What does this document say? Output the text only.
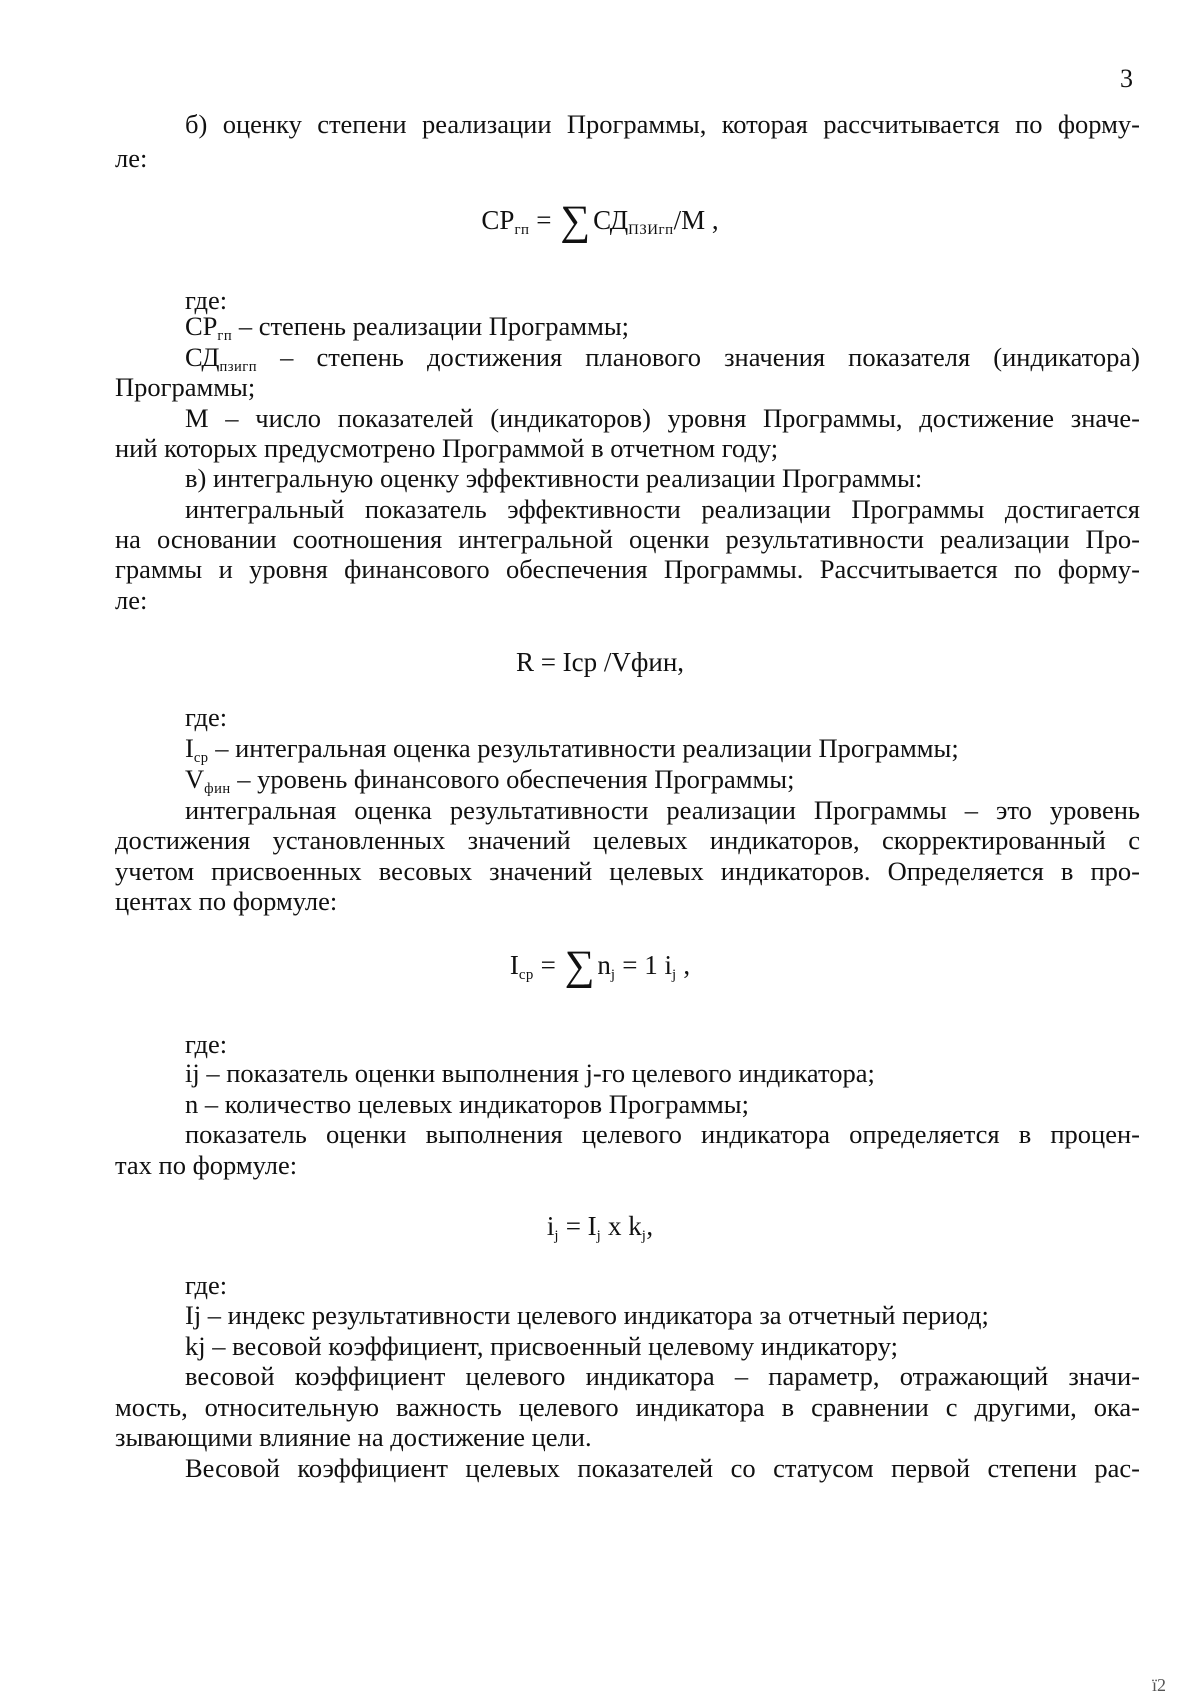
3
б) оценку степени реализации Программы, которая рассчитывается по форму-
ле:
$СР_{гп}$ = ∑ $СД_{ПЗИгп}/М$ ,
где:
$СР_{гп}$ – степень реализации Программы;
$СД_{пзигп}$ – степень достижения планового значения показателя (индикатора)
Программы;
М – число показателей (индикаторов) уровня Программы, достижение значе-
ний которых предусмотрено Программой в отчетном году;
в) интегральную оценку эффективности реализации Программы:
интегральный показатель эффективности реализации Программы достигается
на основании соотношения интегральной оценки результативности реализации Про-
граммы и уровня финансового обеспечения Программы. Рассчитывается по форму-
ле:
R = Iср /Vфин,
где:
$I_{ср}$ – интегральная оценка результативности реализации Программы;
$V_{фин}$ – уровень финансового обеспечения Программы;
интегральная оценка результативности реализации Программы – это уровень
достижения установленных значений целевых индикаторов, скорректированный с
учетом присвоенных весовых значений целевых индикаторов. Определяется в про-
центах по формуле:
$I_{ср}$ = ∑ $n_j = 1$ $i_j$ ,
где:
ij – показатель оценки выполнения j-го целевого индикатора;
n – количество целевых индикаторов Программы;
показатель оценки выполнения целевого индикатора определяется в процен-
тах по формуле:
$i_j = I_j$ x $k_j$,
где:
Ij – индекс результативности целевого индикатора за отчетный период;
kj – весовой коэффициент, присвоенный целевому индикатору;
весовой коэффициент целевого индикатора – параметр, отражающий значи-
мость, относительную важность целевого индикатора в сравнении с другими, ока-
зывающими влияние на достижение цели.
Весовой коэффициент целевых показателей со статусом первой степени рас-
ї2
